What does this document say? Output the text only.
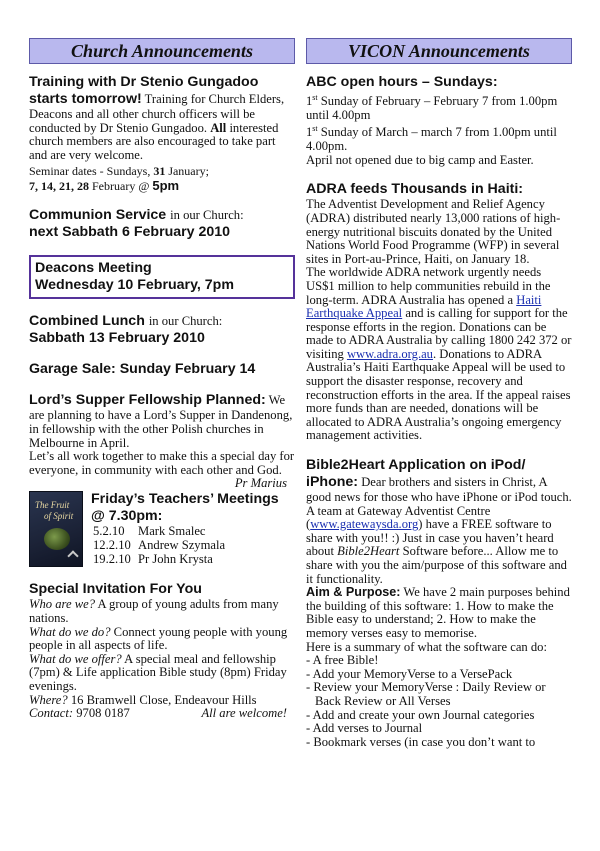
Church Announcements
Training with Dr Stenio Gungadoo starts tomorrow! Training for Church Elders, Deacons and all other church officers will be conducted by Dr Stenio Gungadoo. All interested church members are also encouraged to take part and are very welcome.
Seminar dates - Sundays, 31 January;
7, 14, 21, 28 February @ 5pm
Communion Service in our Church:
next Sabbath 6 February 2010
Deacons Meeting
Wednesday 10 February, 7pm
Combined Lunch in our Church:
Sabbath 13 February 2010
Garage Sale: Sunday February 14
Lord’s Supper Fellowship Planned: We are planning to have a Lord’s Supper in Dandenong, in fellowship with the other Polish churches in Melbourne in April.
Let’s all work together to make this a special day for everyone, in community with each other and God.
Pr Marius
The Fruit
of Spirit
Friday’s Teachers’ Meetings @ 7.30pm:
5.2.10	Mark Smalec
12.2.10 Andrew Szymala
19.2.10 Pr John Krysta
Special Invitation For You
Who are we? A group of young adults from many nations.
What do we do? Connect young people with young people in all aspects of life.
What do we offer? A special meal and fellowship (7pm) & Life application Bible study (8pm) Friday evenings.
Where? 16 Bramwell Close, Endeavour Hills
Contact: 9708 0187	All are welcome!
VICON Announcements
ABC open hours – Sundays:
1st Sunday of February – February 7 from 1.00pm until 4.00pm
1st Sunday of March – march 7 from 1.00pm until 4.00pm.
April not opened due to big camp and Easter.
ADRA feeds Thousands in Haiti:
The Adventist Development and Relief Agency (ADRA) distributed nearly 13,000 rations of high-energy nutritional biscuits donated by the United Nations World Food Programme (WFP) in several sites in Port-au-Prince, Haiti, on January 18.
The worldwide ADRA network urgently needs US$1 million to help communities rebuild in the long-term. ADRA Australia has opened a Haiti Earthquake Appeal and is calling for support for the response efforts in the region. Donations can be made to ADRA Australia by calling 1800 242 372 or visiting www.adra.org.au. Donations to ADRA Australia’s Haiti Earthquake Appeal will be used to support the disaster response, recovery and reconstruction efforts in the area. If the appeal raises more funds than are needed, donations will be allocated to ADRA Australia’s ongoing emergency management activities.
Bible2Heart Application on iPod/ iPhone: Dear brothers and sisters in Christ, A good news for those who have iPhone or iPod touch.
A team at Gateway Adventist Centre (www.gatewaysda.org) have a FREE software to share with you!! :) Just in case you haven’t heard about Bible2Heart Software before... Allow me to share with you the aim/purpose of this software and it functionality.
Aim & Purpose: We have 2 main purposes behind the building of this software: 1. How to make the Bible easy to understand; 2. How to make the memory verses easy to memorise.
Here is a summary of what the software can do:
- A free Bible!
- Add your MemoryVerse to a VersePack
- Review your MemoryVerse : Daily Review or Back Review or All Verses
- Add and create your own Journal categories
- Add verses to Journal
- Bookmark verses (in case you don’t want to
